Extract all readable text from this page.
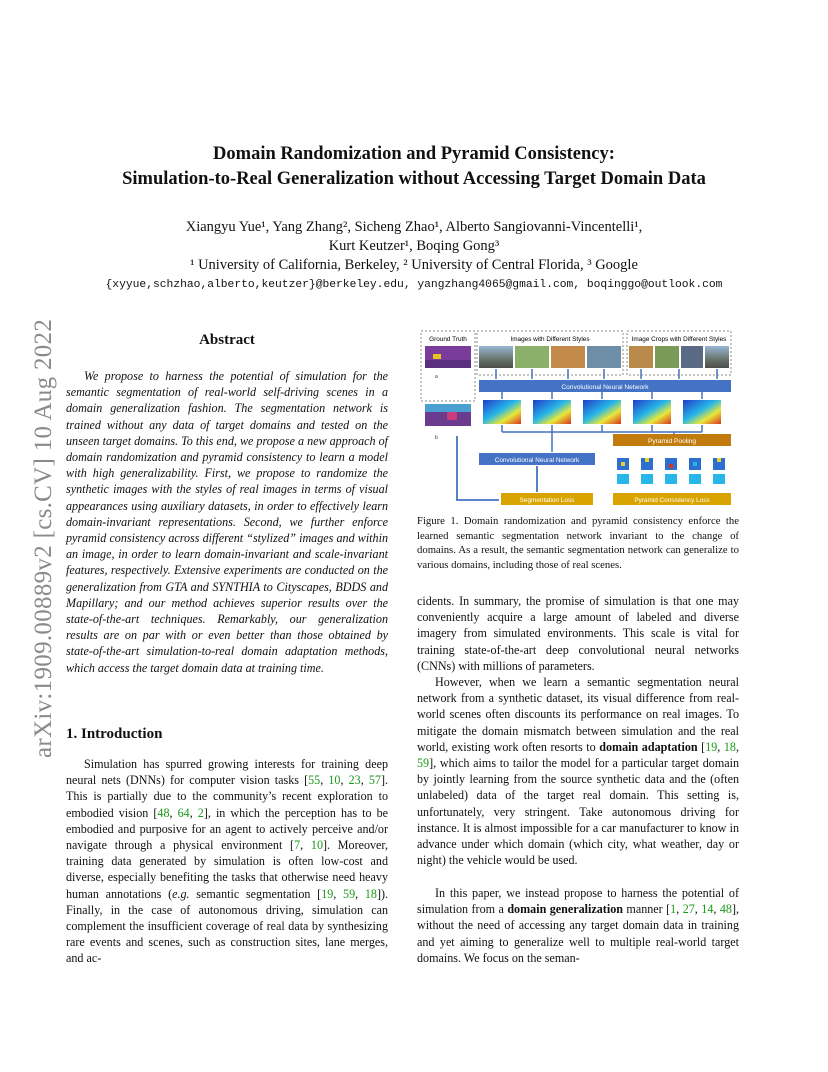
Domain Randomization and Pyramid Consistency:
Simulation-to-Real Generalization without Accessing Target Domain Data
Xiangyu Yue¹, Yang Zhang², Sicheng Zhao¹, Alberto Sangiovanni-Vincentelli¹,
Kurt Keutzer¹, Boqing Gong³
¹ University of California, Berkeley, ² University of Central Florida, ³ Google
{xyyue,schzhao,alberto,keutzer}@berkeley.edu, yangzhang4065@gmail.com, boqinggo@outlook.com
arXiv:1909.00889v2 [cs.CV] 10 Aug 2022	Abstract
We propose to harness the potential of simulation for the semantic segmentation of real-world self-driving scenes in a domain generalization fashion. The segmentation network is trained without any data of target domains and tested on the unseen target domains. To this end, we propose a new approach of domain randomization and pyramid consistency to learn a model with high generalizability. First, we propose to randomize the synthetic images with the styles of real images in terms of visual appearances using auxiliary datasets, in order to effectively learn domain-invariant representations. Second, we further enforce pyramid consistency across different “stylized” images and within an image, in order to learn domain-invariant and scale-invariant features, respectively. Extensive experiments are conducted on the generalization from GTA and SYNTHIA to Cityscapes, BDDS and Mapillary; and our method achieves superior results over the state-of-the-art techniques. Remarkably, our generalization results are on par with or even better than those obtained by state-of-the-art simulation-to-real domain adaptation methods, which access the target domain data at training time.
1. Introduction
Simulation has spurred growing interests for training deep neural nets (DNNs) for computer vision tasks [55, 10, 23, 57]. This is partially due to the community’s recent exploration to embodied vision [48, 64, 2], in which the perception has to be embodied and purposive for an agent to actively perceive and/or navigate through a physical environment [7, 10]. Moreover, training data generated by simulation is often low-cost and diverse, especially benefiting the tasks that otherwise need heavy human annotations (e.g. semantic segmentation [19, 59, 18]). Finally, in the case of autonomous driving, simulation can complement the insufficient coverage of real data by synthesizing rare events and scenes, such as construction sites, lane merges, and ac-
Ground Truth	Images with Different Styles	Image Crops with Different Styles
a
b
Convolutional Neural Network
Pyramid Pooling
Convolutional Neural Network
Segmentation Loss	Pyramid Consistency Loss
Figure 1. Domain randomization and pyramid consistency enforce the learned semantic segmentation network invariant to the change of domains. As a result, the semantic segmentation network can generalize to various domains, including those of real scenes.
cidents. In summary, the promise of simulation is that one may conveniently acquire a large amount of labeled and diverse imagery from simulated environments. This scale is vital for training state-of-the-art deep convolutional neural networks (CNNs) with millions of parameters.
However, when we learn a semantic segmentation neural network from a synthetic dataset, its visual difference from real-world scenes often discounts its performance on real images. To mitigate the domain mismatch between simulation and the real world, existing work often resorts to domain adaptation [19, 18, 59], which aims to tailor the model for a particular target domain by jointly learning from the source synthetic data and the (often unlabeled) data of the target real domain. This setting is, unfortunately, very stringent. Take autonomous driving for instance. It is almost impossible for a car manufacturer to know in advance under which domain (which city, what weather, day or night) the vehicle would be used.
In this paper, we instead propose to harness the potential of simulation from a domain generalization manner [1, 27, 14, 48], without the need of accessing any target domain data in training and yet aiming to generalize well to multiple real-world target domains. We focus on the seman-
